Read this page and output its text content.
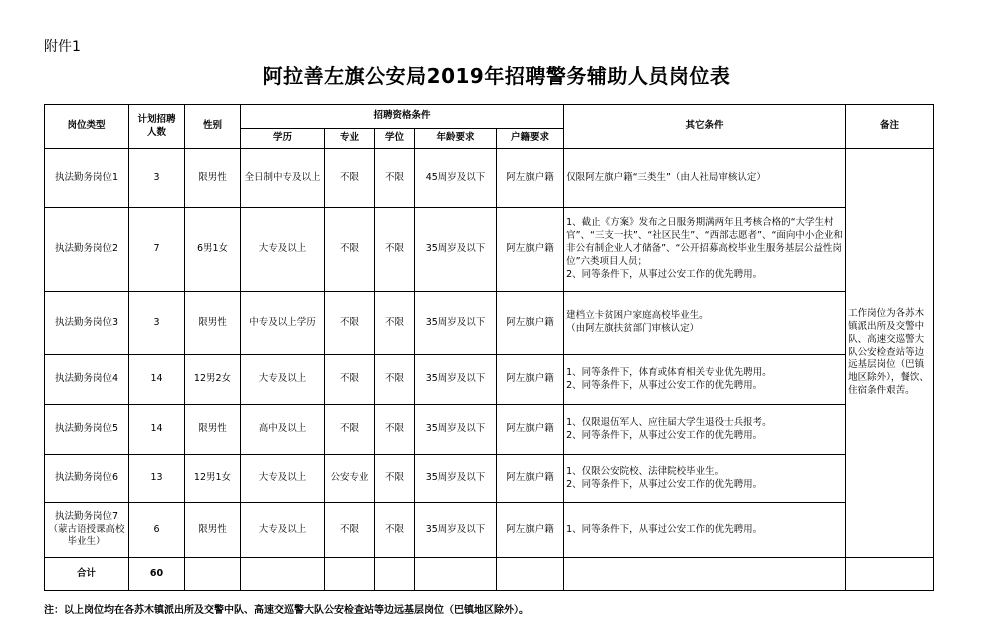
附件1
阿拉善左旗公安局2019年招聘警务辅助人员岗位表
岗位类型	计划招聘
人数	性别	招聘资格条件					其它条件	备注
			学历	专业	学位	年龄要求	户籍要求		
执法勤务岗位1	3	限男性	全日制中专及以上	不限	不限	45周岁及以下	阿左旗户籍	仅限阿左旗户籍“三类生”（由人社局审核认定）	工作岗位为各苏木镇派出所及交警中队、高速交巡警大队公安检查站等边远基层岗位（巴镇地区除外），餐饮、住宿条件艰苦。
执法勤务岗位2	7	6男1女	大专及以上	不限	不限	35周岁及以下	阿左旗户籍	1、截止《方案》发布之日服务期满两年且考核合格的“大学生村官”、“三支一扶”、“社区民生”、“西部志愿者”、“面向中小企业和非公有制企业人才储备”、“公开招募高校毕业生服务基层公益性岗位”六类项目人员；
2、同等条件下，从事过公安工作的优先聘用。	
执法勤务岗位3	3	限男性	中专及以上学历	不限	不限	35周岁及以下	阿左旗户籍	建档立卡贫困户家庭高校毕业生。
（由阿左旗扶贫部门审核认定）	
执法勤务岗位4	14	12男2女	大专及以上	不限	不限	35周岁及以下	阿左旗户籍	1、同等条件下，体育或体育相关专业优先聘用。
2、同等条件下，从事过公安工作的优先聘用。	
执法勤务岗位5	14	限男性	高中及以上	不限	不限	35周岁及以下	阿左旗户籍	1、仅限退伍军人、应往届大学生退役士兵报考。
2、同等条件下，从事过公安工作的优先聘用。	
执法勤务岗位6	13	12男1女	大专及以上	公安专业	不限	35周岁及以下	阿左旗户籍	1、仅限公安院校、法律院校毕业生。
2、同等条件下，从事过公安工作的优先聘用。	
执法勤务岗位7
（蒙古语授课高校毕业生）	6	限男性	大专及以上	不限	不限	35周岁及以下	阿左旗户籍	1、同等条件下，从事过公安工作的优先聘用。	
合计	60								
注：以上岗位均在各苏木镇派出所及交警中队、高速交巡警大队公安检查站等边远基层岗位（巴镇地区除外）。
